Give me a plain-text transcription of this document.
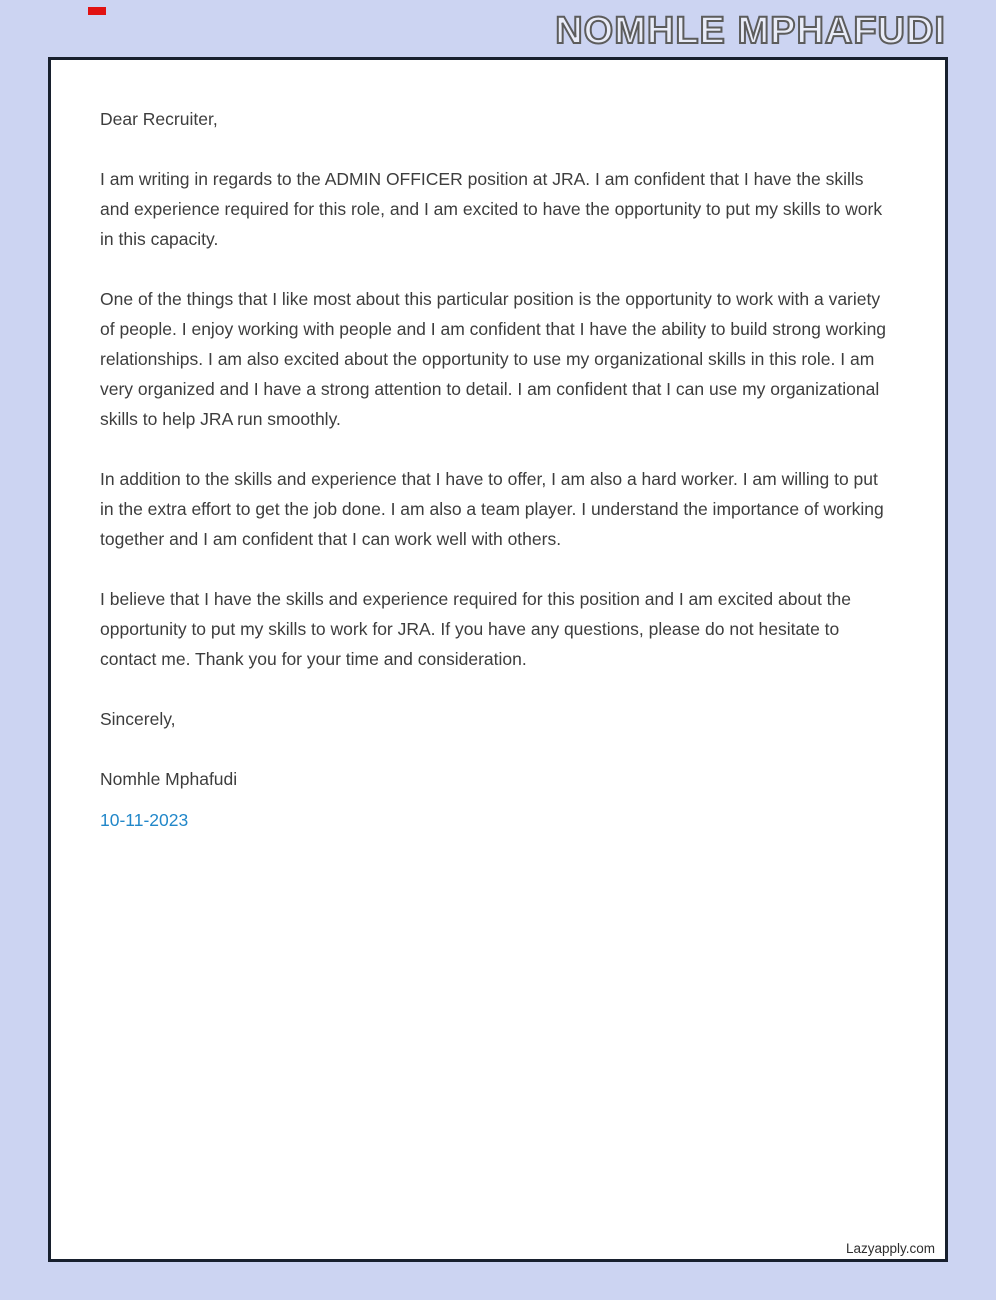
NOMHLE MPHAFUDI

Dear Recruiter,

I am writing in regards to the ADMIN OFFICER position at JRA. I am confident that I have the skills and experience required for this role, and I am excited to have the opportunity to put my skills to work in this capacity.

One of the things that I like most about this particular position is the opportunity to work with a variety of people. I enjoy working with people and I am confident that I have the ability to build strong working relationships. I am also excited about the opportunity to use my organizational skills in this role. I am very organized and I have a strong attention to detail. I am confident that I can use my organizational skills to help JRA run smoothly.

In addition to the skills and experience that I have to offer, I am also a hard worker. I am willing to put in the extra effort to get the job done. I am also a team player. I understand the importance of working together and I am confident that I can work well with others.

I believe that I have the skills and experience required for this position and I am excited about the opportunity to put my skills to work for JRA. If you have any questions, please do not hesitate to contact me. Thank you for your time and consideration.

Sincerely,

Nomhle Mphafudi

10-11-2023

Lazyapply.com
